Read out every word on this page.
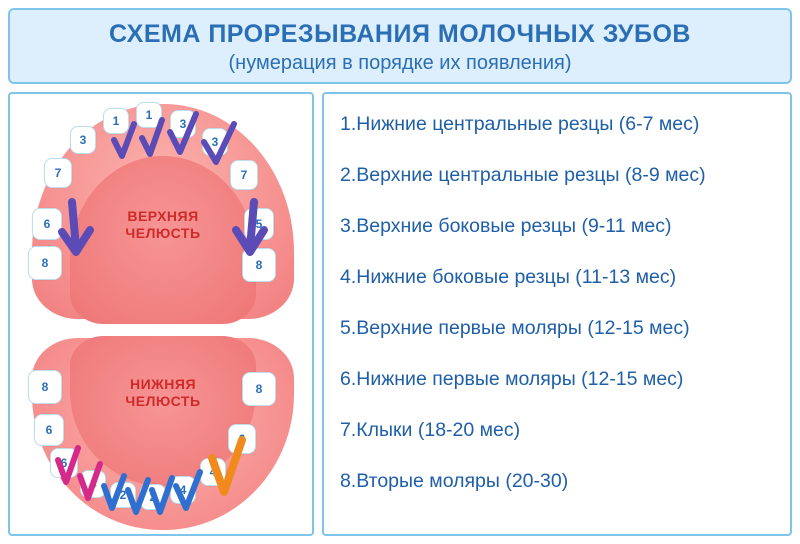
СХЕМА ПРОРЕЗЫВАНИЯ МОЛОЧНЫХ ЗУБОВ
(нумерация в порядке их появления)
ВЕРХНЯЯ
ЧЕЛЮСТЬ
8
6
7
3
1 1
3
3
7
5
8
НИЖНЯЯ
ЧЕЛЮСТЬ
8
6
6
4
2 2 4
4
6
8
1.Нижние центральные резцы (6-7 мес)
2.Верхние центральные резцы (8-9 мес)
3.Верхние боковые резцы (9-11 мес)
4.Нижние боковые резцы (11-13 мес)
5.Верхние первые моляры (12-15 мес)
6.Нижние первые моляры (12-15 мес)
7.Клыки (18-20 мес)
8.Вторые моляры (20-30)
